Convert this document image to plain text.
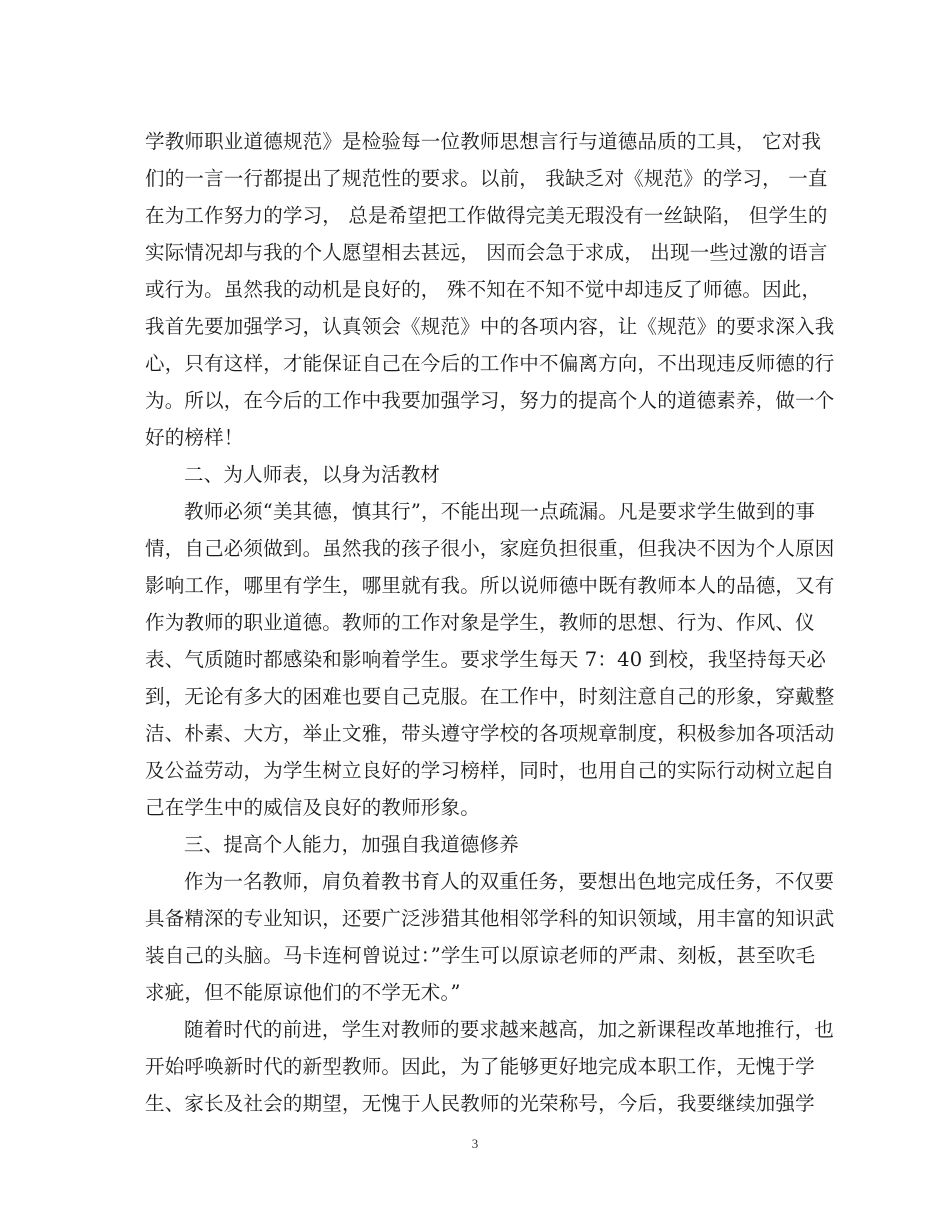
学教师职业道德规范》是检验每一位教师思想言行与道德品质的工具， 它对我
们的一言一行都提出了规范性的要求。以前， 我缺乏对《规范》的学习， 一直
在为工作努力的学习， 总是希望把工作做得完美无瑕没有一丝缺陷， 但学生的
实际情况却与我的个人愿望相去甚远， 因而会急于求成， 出现一些过激的语言
或行为。虽然我的动机是良好的， 殊不知在不知不觉中却违反了师德。因此，
我首先要加强学习，认真领会《规范》中的各项内容，让《规范》的要求深入我
心，只有这样，才能保证自己在今后的工作中不偏离方向，不出现违反师德的行
为。所以，在今后的工作中我要加强学习，努力的提高个人的道德素养，做一个
好的榜样！
二、为人师表，以身为活教材
教师必须“美其德，慎其行”，不能出现一点疏漏。凡是要求学生做到的事
情，自己必须做到。虽然我的孩子很小，家庭负担很重，但我决不因为个人原因
影响工作，哪里有学生，哪里就有我。所以说师德中既有教师本人的品德，又有
作为教师的职业道德。教师的工作对象是学生，教师的思想、行为、作风、仪
表、气质随时都感染和影响着学生。要求学生每天 7：40 到校，我坚持每天必
到，无论有多大的困难也要自己克服。在工作中，时刻注意自己的形象，穿戴整
洁、朴素、大方，举止文雅，带头遵守学校的各项规章制度，积极参加各项活动
及公益劳动，为学生树立良好的学习榜样，同时，也用自己的实际行动树立起自
己在学生中的威信及良好的教师形象。
三、提高个人能力，加强自我道德修养
作为一名教师，肩负着教书育人的双重任务，要想出色地完成任务，不仅要
具备精深的专业知识，还要广泛涉猎其他相邻学科的知识领域，用丰富的知识武
装自己的头脑。马卡连柯曾说过：”学生可以原谅老师的严肃、刻板，甚至吹毛
求疵，但不能原谅他们的不学无术。”
随着时代的前进，学生对教师的要求越来越高，加之新课程改革地推行，也
开始呼唤新时代的新型教师。因此，为了能够更好地完成本职工作，无愧于学
生、家长及社会的期望，无愧于人民教师的光荣称号，今后，我要继续加强学
3
